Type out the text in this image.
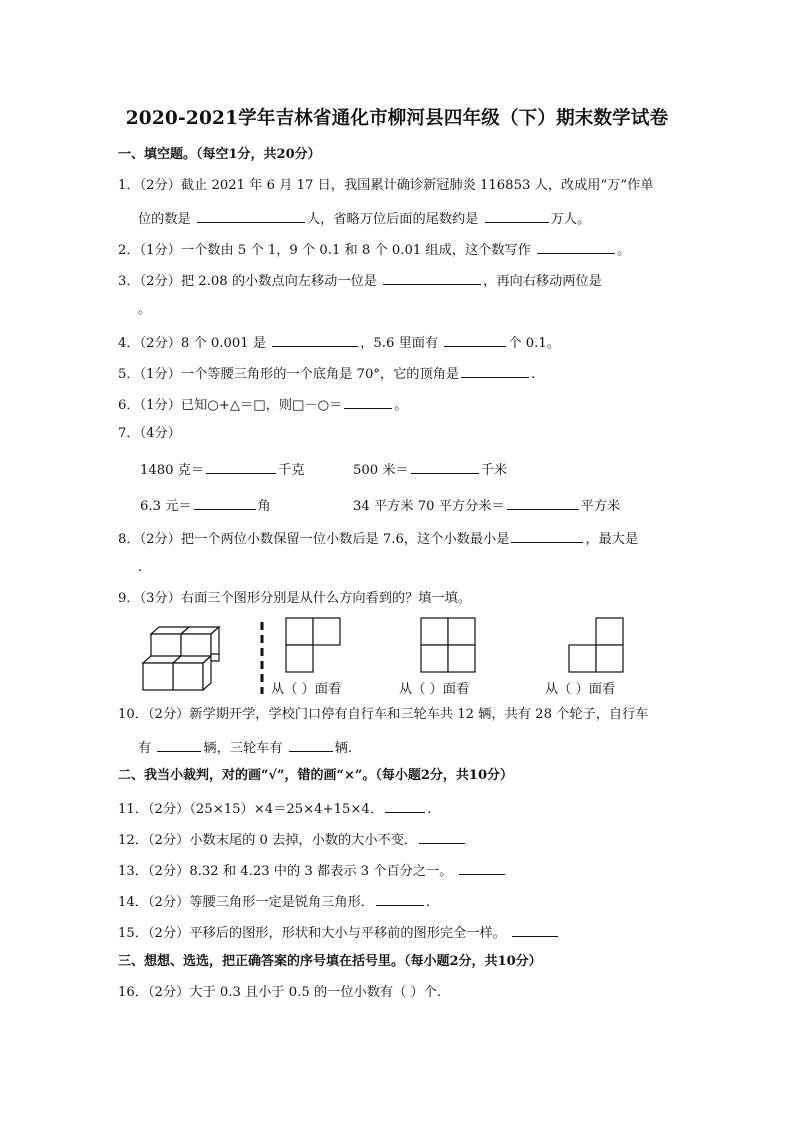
2020-2021学年吉林省通化市柳河县四年级（下）期末数学试卷
一、填空题。（每空1分，共20分）
1．（2分）截止 2021 年 6 月 17 日，我国累计确诊新冠肺炎 116853 人，改成用“万”作单
位的数是	人，省略万位后面的尾数约是	万人。
2．（1分）一个数由 5 个 1，9 个 0.1 和 8 个 0.01 组成，这个数写作	。
3．（2分）把 2.08 的小数点向左移动一位是	，再向右移动两位是
。
4．（2分）8 个 0.001 是	，5.6 里面有	个 0.1。
5．（1分）一个等腰三角形的一个底角是 70°，它的顶角是	.
6．（1分）已知○+△＝□，则□－○＝	。
7．（4分）
1480 克＝	千克	500 米＝	千米
6.3 元＝	角	34 平方米 70 平方分米＝	平方米
8．（2分）把一个两位小数保留一位小数后是 7.6，这个小数最小是	，最大是
.
9．（3分）右面三个图形分别是从什么方向看到的？填一填。
从（ ）面看	从（ ）面看	从（ ）面看
10．（2分）新学期开学，学校门口停有自行车和三轮车共 12 辆，共有 28 个轮子，自行车
有	辆，三轮车有	辆.
二、我当小裁判，对的画“√”，错的画“×”。（每小题2分，共10分）
11．（2分）（25×15）×4＝25×4+15×4．	.
12．（2分）小数末尾的 0 去掉，小数的大小不变．
13．（2分）8.32 和 4.23 中的 3 都表示 3 个百分之一。
14．（2分）等腰三角形一定是锐角三角形．	.
15．（2分）平移后的图形，形状和大小与平移前的图形完全一样。
三、想想、选选，把正确答案的序号填在括号里。（每小题2分，共10分）
16．（2分）大于 0.3 且小于 0.5 的一位小数有（ ）个.
